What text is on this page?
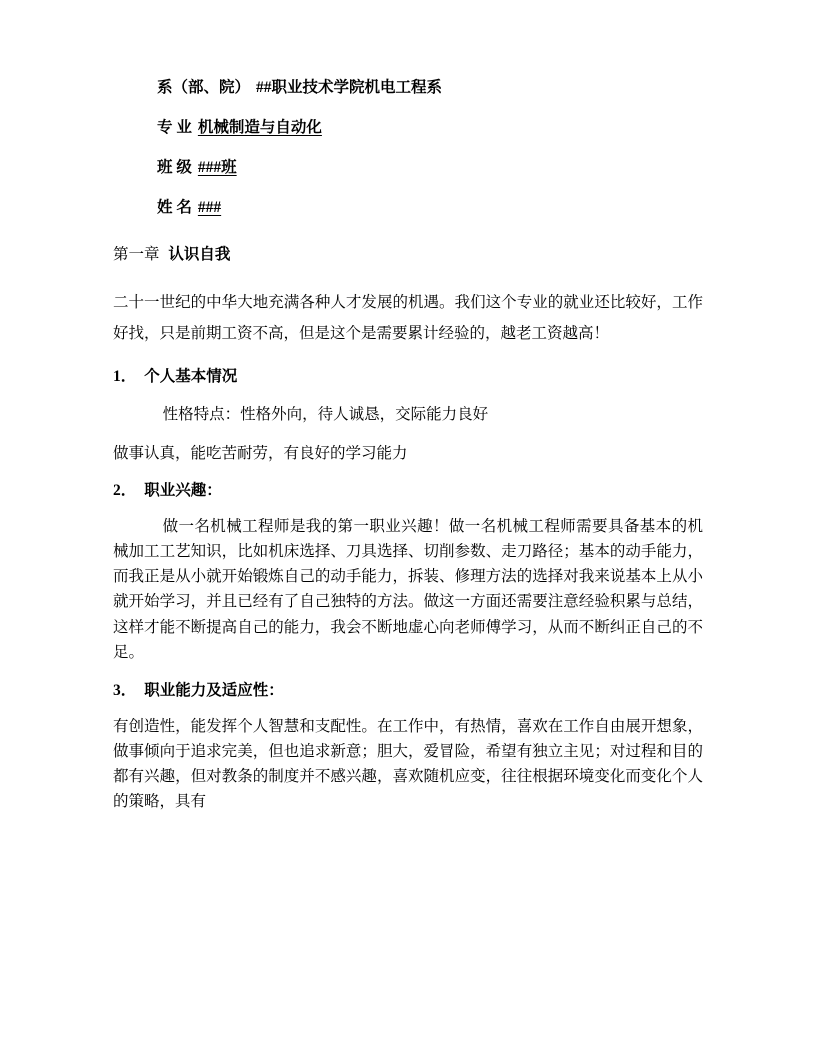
系（部、院） ##职业技术学院机电工程系
专 业 机械制造与自动化
班 级 ###班
姓 名 ###
第一章 认识自我
二十一世纪的中华大地充满各种人才发展的机遇。我们这个专业的就业还比较好，工作好找，只是前期工资不高，但是这个是需要累计经验的，越老工资越高！
1． 个人基本情况
性格特点：性格外向，待人诚恳，交际能力良好
做事认真，能吃苦耐劳，有良好的学习能力
2． 职业兴趣：
做一名机械工程师是我的第一职业兴趣！做一名机械工程师需要具备基本的机械加工工艺知识，比如机床选择、刀具选择、切削参数、走刀路径；基本的动手能力，而我正是从小就开始锻炼自己的动手能力，拆装、修理方法的选择对我来说基本上从小就开始学习，并且已经有了自己独特的方法。做这一方面还需要注意经验积累与总结，这样才能不断提高自己的能力，我会不断地虚心向老师傅学习，从而不断纠正自己的不足。
3． 职业能力及适应性：
有创造性，能发挥个人智慧和支配性。在工作中，有热情，喜欢在工作自由展开想象，做事倾向于追求完美，但也追求新意；胆大，爱冒险，希望有独立主见；对过程和目的都有兴趣，但对教条的制度并不感兴趣，喜欢随机应变，往往根据环境变化而变化个人的策略，具有
